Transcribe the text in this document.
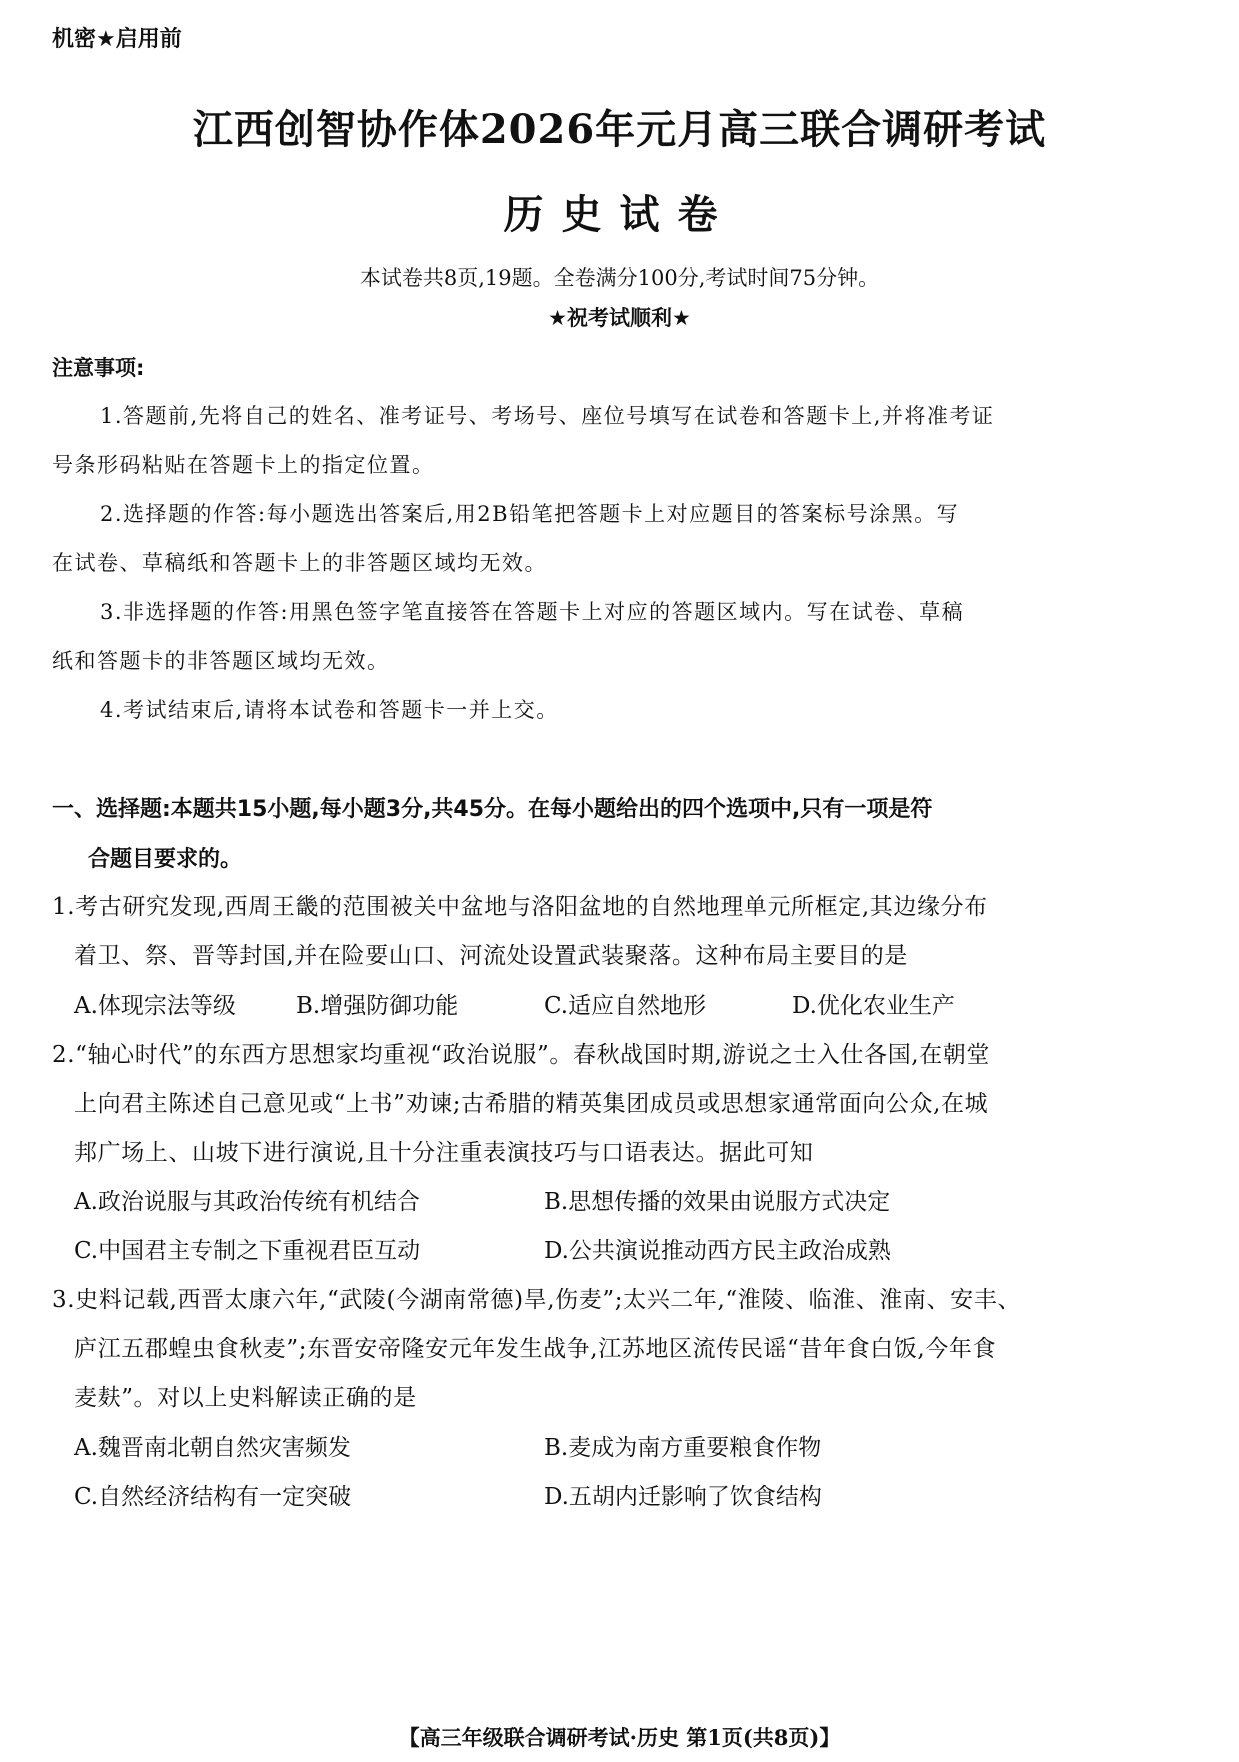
机密★启用前
江西创智协作体2026年元月高三联合调研考试
历史试卷
本试卷共8页,19题。全卷满分100分,考试时间75分钟。
★祝考试顺利★
注意事项:
1.答题前,先将自己的姓名、准考证号、考场号、座位号填写在试卷和答题卡上,并将准考证
号条形码粘贴在答题卡上的指定位置。
2.选择题的作答:每小题选出答案后,用2B铅笔把答题卡上对应题目的答案标号涂黑。写
在试卷、草稿纸和答题卡上的非答题区域均无效。
3.非选择题的作答:用黑色签字笔直接答在答题卡上对应的答题区域内。写在试卷、草稿
纸和答题卡的非答题区域均无效。
4.考试结束后,请将本试卷和答题卡一并上交。
一、选择题:本题共15小题,每小题3分,共45分。在每小题给出的四个选项中,只有一项是符
合题目要求的。
1.考古研究发现,西周王畿的范围被关中盆地与洛阳盆地的自然地理单元所框定,其边缘分布
着卫、祭、晋等封国,并在险要山口、河流处设置武装聚落。这种布局主要目的是
A.体现宗法等级	B.增强防御功能	C.适应自然地形	D.优化农业生产
2.“轴心时代”的东西方思想家均重视“政治说服”。春秋战国时期,游说之士入仕各国,在朝堂
上向君主陈述自己意见或“上书”劝谏;古希腊的精英集团成员或思想家通常面向公众,在城
邦广场上、山坡下进行演说,且十分注重表演技巧与口语表达。据此可知
A.政治说服与其政治传统有机结合	B.思想传播的效果由说服方式决定
C.中国君主专制之下重视君臣互动	D.公共演说推动西方民主政治成熟
3.史料记载,西晋太康六年,“武陵(今湖南常德)旱,伤麦”;太兴二年,“淮陵、临淮、淮南、安丰、
庐江五郡蝗虫食秋麦”;东晋安帝隆安元年发生战争,江苏地区流传民谣“昔年食白饭,今年食
麦麸”。对以上史料解读正确的是
A.魏晋南北朝自然灾害频发	B.麦成为南方重要粮食作物
C.自然经济结构有一定突破	D.五胡内迁影响了饮食结构
【高三年级联合调研考试·历史 第1页(共8页)】
